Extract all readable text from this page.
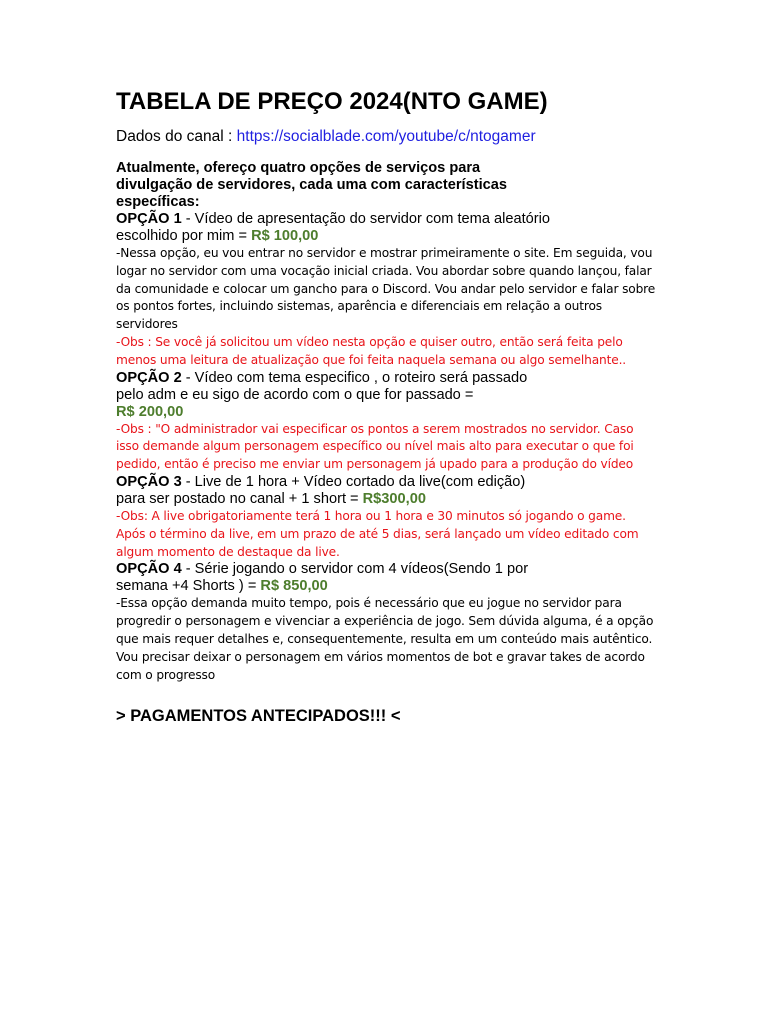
TABELA DE PREÇO 2024(NTO GAME)
Dados do canal : https://socialblade.com/youtube/c/ntogamer
Atualmente, ofereço quatro opções de serviços para divulgação de servidores, cada uma com características específicas:
OPÇÃO 1 - Vídeo de apresentação do servidor com tema aleatório escolhido por mim = R$ 100,00
-Nessa opção, eu vou entrar no servidor e mostrar primeiramente o site. Em seguida, vou logar no servidor com uma vocação inicial criada. Vou abordar sobre quando lançou, falar da comunidade e colocar um gancho para o Discord. Vou andar pelo servidor e falar sobre os pontos fortes, incluindo sistemas, aparência e diferenciais em relação a outros servidores
-Obs : Se você já solicitou um vídeo nesta opção e quiser outro, então será feita pelo menos uma leitura de atualização que foi feita naquela semana ou algo semelhante..
OPÇÃO 2 - Vídeo com tema especifico , o roteiro será passado pelo adm e eu sigo de acordo com o que for passado =
R$ 200,00
-Obs : "O administrador vai especificar os pontos a serem mostrados no servidor. Caso isso demande algum personagem específico ou nível mais alto para executar o que foi pedido, então é preciso me enviar um personagem já upado para a produção do vídeo
OPÇÃO 3 - Live de 1 hora + Vídeo cortado da live(com edição) para ser postado no canal + 1 short = R$300,00
-Obs: A live obrigatoriamente terá 1 hora ou 1 hora e 30 minutos só jogando o game. Após o término da live, em um prazo de até 5 dias, será lançado um vídeo editado com algum momento de destaque da live.
OPÇÃO 4 - Série jogando o servidor com 4 vídeos(Sendo 1 por semana +4 Shorts ) = R$ 850,00
-Essa opção demanda muito tempo, pois é necessário que eu jogue no servidor para progredir o personagem e vivenciar a experiência de jogo. Sem dúvida alguma, é a opção que mais requer detalhes e, consequentemente, resulta em um conteúdo mais autêntico. Vou precisar deixar o personagem em vários momentos de bot e gravar takes de acordo com o progresso
> PAGAMENTOS ANTECIPADOS!!! <
